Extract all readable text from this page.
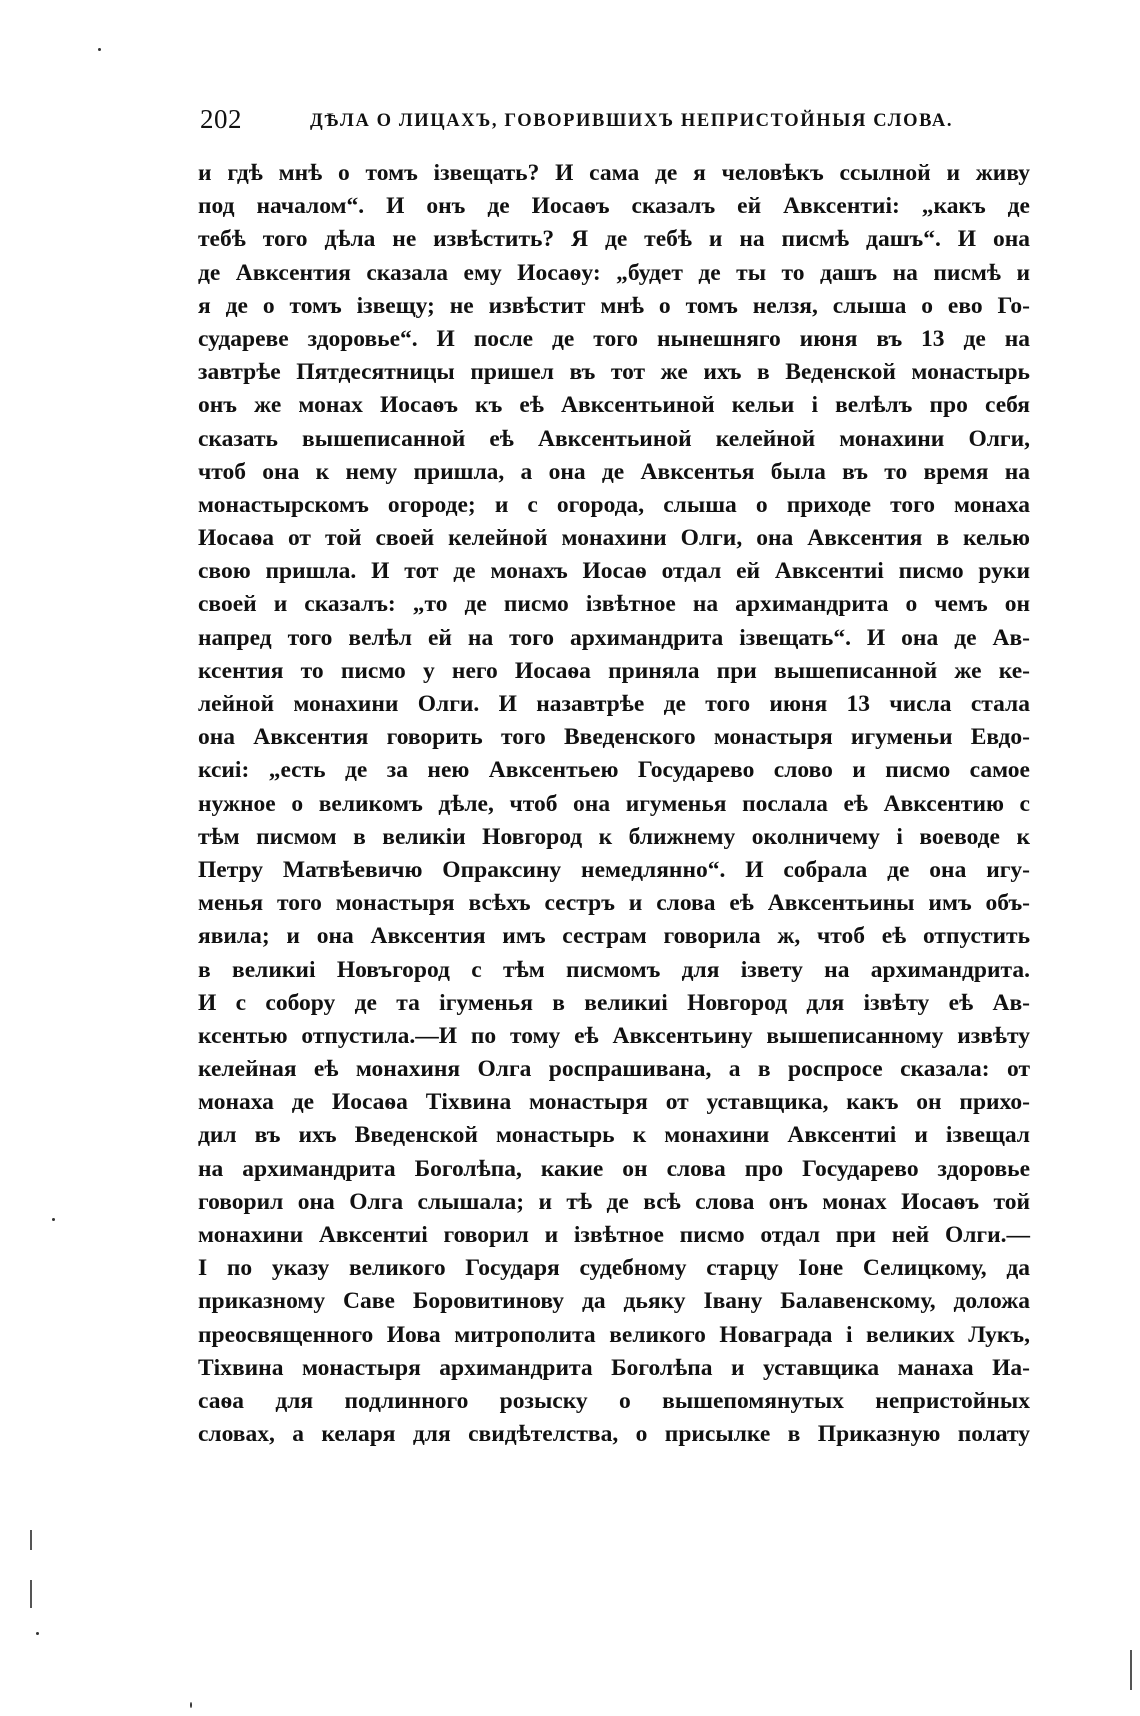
202	ДѢЛА О ЛИЦАХЪ, ГОВОРИВШИХЪ НЕПРИСТОЙНЫЯ СЛОВА.
и гдѣ мнѣ о томъ ізвещать? И сама де я человѣкъ ссылной и живу
под началом“. И онъ де Иосаѳъ сказалъ ей Авксентиі: „какъ де
тебѣ того дѣла не извѣстить? Я де тебѣ и на писмѣ дашъ“. И она
де Авксентия сказала ему Иосаѳу: „будет де ты то дашъ на писмѣ и
я де о томъ ізвещу; не извѣстит мнѣ о томъ нелзя, слыша о ево Го-
сударeве здоровье“. И после де того нынешняго июня въ 13 де на
завтрѣе Пятдесятницы пришел въ тот же ихъ в Веденской монастырь
онъ же монах Иосаѳъ къ еѣ Авксентьиной кельи і велѣлъ про себя
сказать вышеписанной еѣ Авксентьиной келейной монахини Олги,
чтоб она к нему пришла, а она де Авксентья была въ то время на
монастырскомъ огороде; и с огорода, слыша о приходе того монаха
Иосаѳа от той своей келейной монахини Олги, она Авксентия в келью
свою пришла. И тот де монахъ Иосаѳ отдал ей Авксентиі писмо руки
своей и сказалъ: „то де писмо ізвѣтное на архимандрита о чемъ он
напред того велѣл ей на того архимандрита ізвещать“. И она де Ав-
ксентия то писмо у него Иосаѳа приняла при вышеписанной же ке-
лейной монахини Олги. И назавтрѣе де того июня 13 числа стала
она Авксентия говорить того Введенского монастыря игуменьи Евдо-
ксиі: „есть де за нею Авксентьею Государево слово и писмо самое
нужное о великомъ дѣле, чтоб она игуменья послала еѣ Авксентию с
тѣм писмом в великіи Новгород к ближнему околничему і воеводе к
Петру Матвѣевичю Опраксину немедлянно“. И собрала де она игу-
менья того монастыря всѣхъ сестръ и слова еѣ Авксентьины имъ объ-
явила; и она Авксентия имъ сестрам говорила ж, чтоб еѣ отпустить
в великиі Новъгород с тѣм писмомъ для ізвету на архимандрита.
И с собору де та ігуменья в великиі Новгород для ізвѣту еѣ Ав-
ксентью отпустила.—И по тому еѣ Авксентьину вышеписанному извѣту
келейная еѣ монахиня Олга роспрашивана, а в роспросе сказала: от
монаха де Иосаѳа Тіхвина монастыря от уставщика, какъ он прихо-
дил въ ихъ Введенской монастырь к монахини Авксентиі и ізвещал
на архимандрита Боголѣпа, какие он слова про Государево здоровье
говорил она Олга слышала; и тѣ де всѣ слова онъ монах Иосаѳъ той
монахини Авксентиі говорил и ізвѣтное писмо отдал при ней Олги.—
І по указу великого Государя судебному старцу Іоне Селицкому, да
приказному Саве Боровитинову да дьяку Івану Балавенскому, доложа
преосвященного Иова митрополита великого Новаграда і великих Лукъ,
Тіхвина монастыря архимандрита Боголѣпа и уставщика манаха Иа-
саѳа для подлинного розыску о вышепомянутых непристойных
словах, а келаря для свидѣтелства, о присылке в Приказную полату
